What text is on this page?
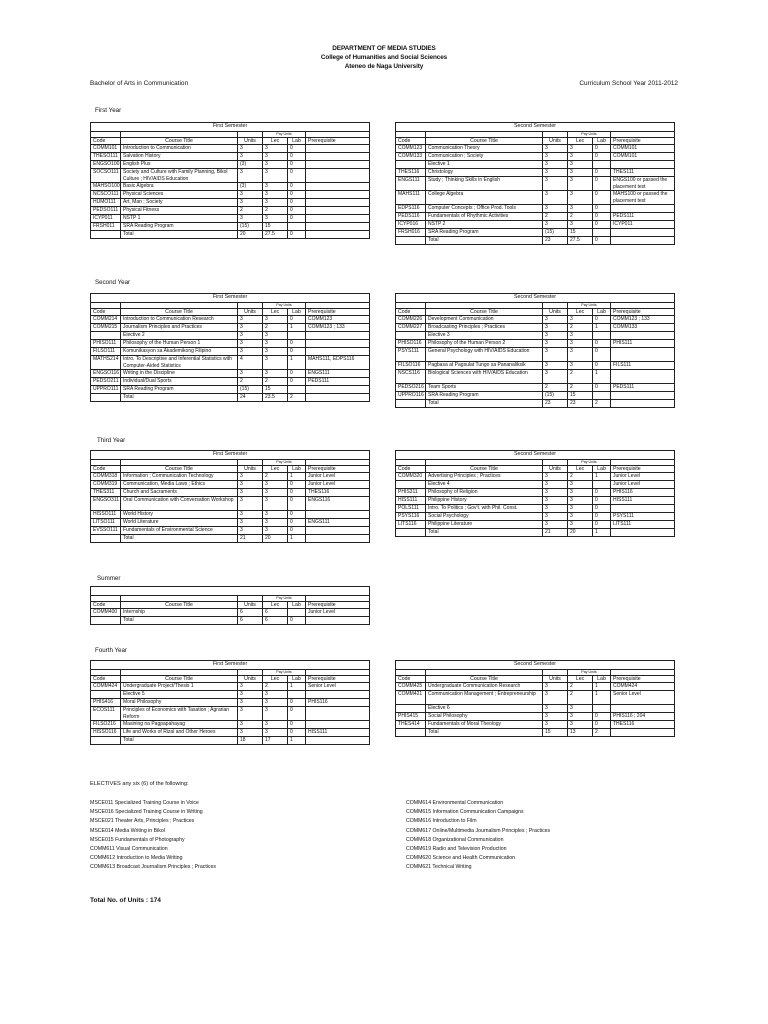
DEPARTMENT OF MEDIA STUDIES
College of Humanities and Social Sciences
Ateneo de Naga University
Bachelor of Arts in Communication	Curriculum School Year 2011-2012
First Year
First Semester					
			Pay Units		
Code	Course Title	Units	Lec	Lab	Prerequisite
COMM101	Introduction to Communication	3	3	0	
THESO111	Salvation History	3	3	0	
ENGSO100	English Plus	(3)	3	0	
SOCSO111	Society and Culture with Family Planning, Bikol Culture ; HIV/AIDS Education	3	3	0	
MAHSO100	Basic Algebra	(3)	3	0	
NCSCO111	Physical Sciences	3	3	0	
HUMO111	Art, Man ; Society	3	3	0	
PEDSO111	Physical Fitness	2	2	0	
ICYP011	NSTP 1	3	3	0	
FRSH011	SRA Reading Program	(15)	15		
	Total	20	27.5	0	
Second Semester					
			Pay Units		
Code	Course Title	Units	Lec	Lab	Prerequisite
COMM123	Communication Theory	3	3	0	COMM101
COMM133	Communication ; Society	3	3	0	COMM101
	Elective 1	3	3		
THES116	Christology	3	3	0	THES111
ENGS111	Study ; Thinking Skills in English	3	3	0	ENGS100 or passed the placement test
MAHS111	College Algebra	3	3	0	MAHS100 or passed the placement test
EDPS116	Computer Concepts ; Office Prod. Tools	3	3	0	
PEDS116	Fundamentals of Rhythmic Activities	2	2	0	PEDS111
ICYP016	NSTP 2	3	3	0	ICYP011
FRSH016	SRA Reading Program	(15)	15		
	Total	23	27.5	0	
Second Year
First Semester					
			Pay Units		
Code	Course Title	Units	Lec	Lab	Prerequisite
COMM214	Introduction to Communication Research	3	3	0	COMM123
COMM215	Journalism Principles and Practices	3	2	1	COMM123 ; 133
	Elective 2	3	3		
PHISO111	Philosophy of the Human Person 1	3	3	0	
FILSO111	Komunikasyon sa Akademikong Filipino	3	3	0	
MATHS214	Intro. To Descriptive and Inferential Statistics with Computer-Aided Statistics	4	3	1	MAHS111, EDPS116
ENGSO116	Writing in the Discipline	3	3	0	ENGS111
PEDSO211	Individual/Dual Sports	2	2	0	PEDS111
UPPRO111	SRA Reading Program	(15)	15		
	Total	24	23.5	2	
Second Semester					
			Pay Units		
Code	Course Title	Units	Lec	Lab	Prerequisite
COMM226	Development Communication	3	3	0	COMM123 ; 133
COMM227	Broadcasting Principles ; Practices	3	2	1	COMM133
	Elective 3	3	3		
PHISO116	Philosophy of the Human Person 2	3	3	0	PHIS111
PSYS111	General Psychology with HIV/AIDS Education	3	3	0	
FILSO116	Pagbasa at Pagsulat Tungo sa Pananaliksik	3	3	0	FILS111
NSCS116	Biological Sciences with HIV/AIDS Education	3	2	1	
PEDSO216	Team Sports	2	2	0	PEDS111
UPPRO116	SRA Reading Program	(15)	15		
	Total	23	23	2	
Third Year
First Semester					
			Pay Units		
Code	Course Title	Units	Lec	Lab	Prerequisite
COMM318	Information ; Communication Technology	3	2	1	Junior Level
COMM319	Communication, Media Laws ; Ethics	3	3	0	Junior Level
THES311	Church and Sacraments	3	3	0	THES116
ENGSO311	Oral Communication with Conversation Workshop	3	3	0	ENGS116
HISSO111	World History	3	3	0	
LITSO111	World Literature	3	3	0	ENGS111
EVSSO111	Fundamentals of Environmental Science	3	3	0	
	Total	21	20	1	
Second Semester					
			Pay Units		
Code	Course Title	Units	Lec	Lab	Prerequisite
COMM320	Advertising Principles ; Practices	3	2	1	Junior Level
	Elective 4	3	3		Junior Level
PHIS311	Philosophy of Religion	3	3	0	PHIS116
HISS111	Philippine History	3	3	0	HISS111
POLS111	Intro. To Politics ; Gov't. with Phil. Const.	3	3	0	
PSYS116	Social Psychology	3	3	0	PSYS111
LITS116	Philippine Literature	3	3	0	LITS111
	Total	21	20	1	
Summer

			Pay Units		
Code	Course Title	Units	Lec	Lab	Prerequisite
COMM400	Internship	6	6		Junior Level
	Total	6	6	0	
Fourth Year
First Semester					
			Pay Units		
Code	Course Title	Units	Lec	Lab	Prerequisite
COMM424	Undergraduate Project/Thesis 1	3	2	1	Senior Level
	Elective 5	3	3		
PHIS416	Moral Philosophy	3	3	0	PHIS116
ECOS111	Principles of Economics with Taxation ; Agrarian Reform	3	3	0	
FILSO216	Masining na Pagpapahayag	3	3	0	
HISSO116	Life and Works of Rizal and Other Heroes	3	3	0	HISS111
	Total	18	17	1	
Second Semester					
			Pay Units		
Code	Course Title	Units	Lec	Lab	Prerequisite
COMM425	Undergraduate Communication Research	3	2	1	COMM424
COMM421	Communication Management ; Entrepreneurship	3	2	1	Senior Level
	Elective 6	3	3		
PHIS415	Social Philosophy	3	3	0	PHIS116 ; 204
THES414	Fundamentals of Moral Theology	3	3	0	THES116
	Total	15	13	2	
ELECTIVES any six (6) of the following:
MSCE011 Specialized Training Course in Voice
MSCE016 Specialized Training Course in Writing
MSCE021 Theater Arts, Principles ; Practices
MSCE014 Media Writing in Bikol
MSCE015 Fundamentals of Photography
COMM611 Visual Communication
COMM612 Introduction to Media Writing
COMM613 Broadcast Journalism Principles ; Practices
COMM614 Environmental Communication
COMM615 Information Communication Campaigns
COMM616 Introduction to Film
COMM617 Online/Multimedia Journalism Principles ; Practices
COMM618 Organizational Communication
COMM619 Radio and Television Production
COMM620 Science and Health Communication
COMM621 Technical Writing
Total No. of Units : 174
